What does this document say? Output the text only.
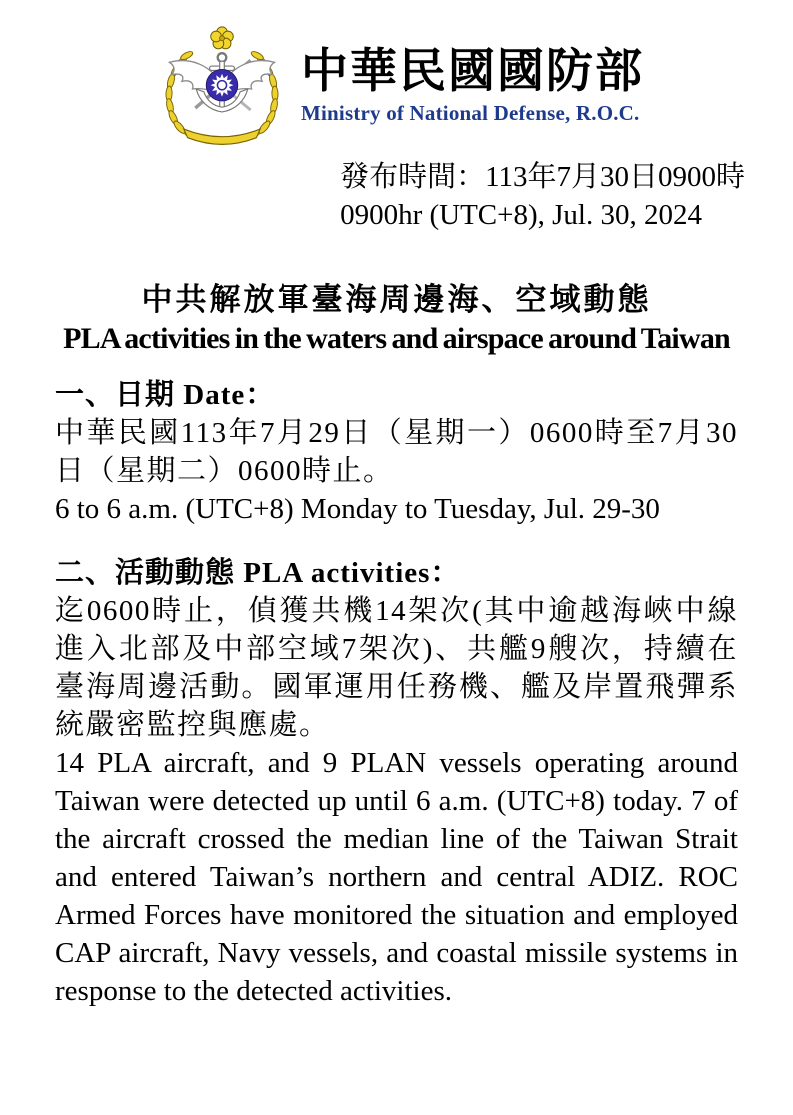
中華民國國防部
Ministry of National Defense, R.O.C.
發布時間：113年7月30日0900時
0900hr (UTC+8), Jul. 30, 2024
中共解放軍臺海周邊海、空域動態
PLA activities in the waters and airspace around Taiwan
一、日期 Date：

中華民國113年7月29日（星期一）0600時至7月30日（星期二）0600時止。

6 to 6 a.m. (UTC+8) Monday to Tuesday, Jul. 29-30

二、活動動態 PLA activities：

迄0600時止，偵獲共機14架次(其中逾越海峽中線進入北部及中部空域7架次)、共艦9艘次，持續在臺海周邊活動。國軍運用任務機、艦及岸置飛彈系統嚴密監控與應處。

14 PLA aircraft, and 9 PLAN vessels operating around Taiwan were detected up until 6 a.m. (UTC+8) today. 7 of the aircraft crossed the median line of the Taiwan Strait and entered Taiwan’s northern and central ADIZ. ROC Armed Forces have monitored the situation and employed CAP aircraft, Navy vessels, and coastal missile systems in response to the detected activities.
